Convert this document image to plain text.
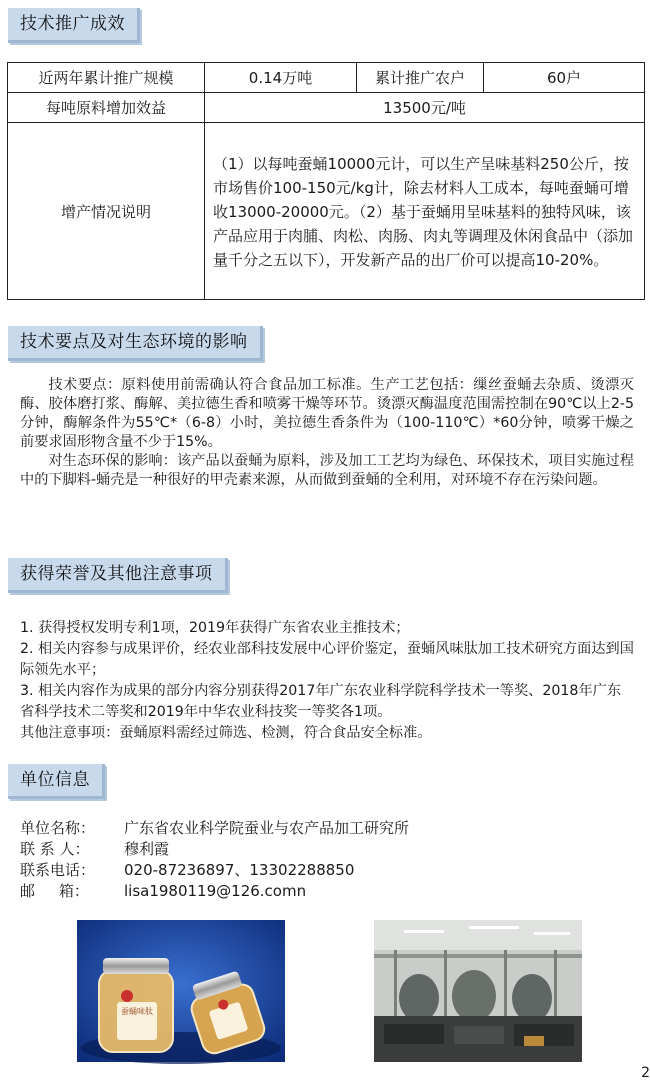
技术推广成效
近两年累计推广规模	0.14万吨	累计推广农户	60户
每吨原料增加效益	13500元/吨		
增产情况说明	（1）以每吨蚕蛹10000元计，可以生产呈味基料250公斤，按市场售价100-150元/kg计，除去材料人工成本，每吨蚕蛹可增收13000-20000元。（2）基于蚕蛹用呈味基料的独特风味，该产品应用于肉脯、肉松、肉肠、肉丸等调理及休闲食品中（添加量千分之五以下），开发新产品的出厂价可以提高10-20%。		
技术要点及对生态环境的影响

技术要点：原料使用前需确认符合食品加工标准。生产工艺包括：缫丝蚕蛹去杂质、烫漂灭酶、胶体磨打浆、酶解、美拉德生香和喷雾干燥等环节。烫漂灭酶温度范围需控制在90℃以上2-5分钟，酶解条件为55℃*（6-8）小时，美拉德生香条件为（100-110℃）*60分钟，喷雾干燥之前要求固形物含量不少于15%。

对生态环保的影响：该产品以蚕蛹为原料，涉及加工工艺均为绿色、环保技术，项目实施过程中的下脚料-蛹壳是一种很好的甲壳素来源，从而做到蚕蛹的全利用，对环境不存在污染问题。

获得荣誉及其他注意事项

1. 获得授权发明专利1项，2019年获得广东省农业主推技术；

2. 相关内容参与成果评价，经农业部科技发展中心评价鉴定，蚕蛹风味肽加工技术研究方面达到国际领先水平；

3. 相关内容作为成果的部分内容分别获得2017年广东农业科学院科学技术一等奖、2018年广东省科学技术二等奖和2019年中华农业科技奖一等奖各1项。

其他注意事项：蚕蛹原料需经过筛选、检测，符合食品安全标准。

单位信息
单位名称：	广东省农业科学院蚕业与农产品加工研究所
联 系 人：	穆利霞
联系电话：	020-87236897、13302288850
邮     箱：	lisa1980119@126.comn
蚕蛹味肽
2
